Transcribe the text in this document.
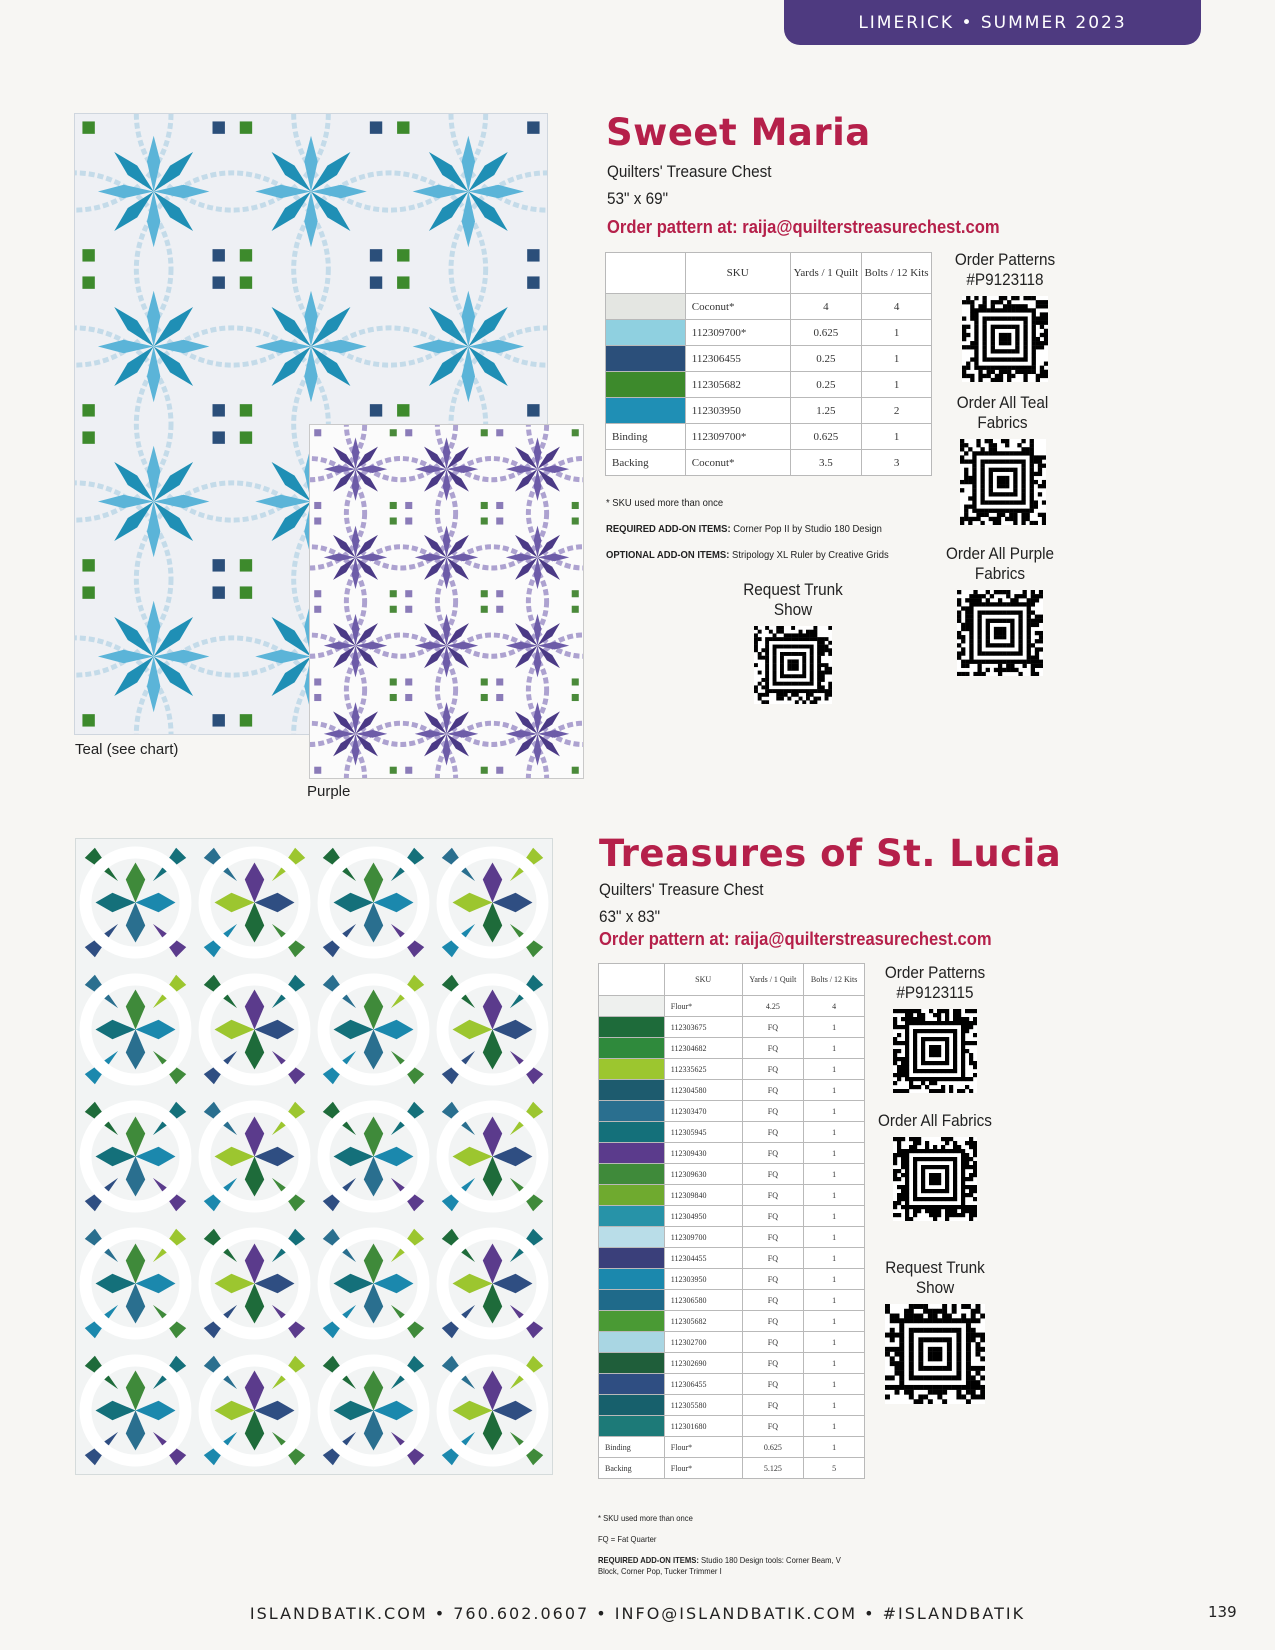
LIMERICK • SUMMER 2023
Teal (see chart)
Purple
Sweet Maria
Quilters' Treasure Chest
53" x 69"
Order pattern at: raija@quilterstreasurechest.com
	SKU	Yards / 1 Quilt	Bolts / 12 Kits
	Coconut*	4	4
	112309700*	0.625	1
	112306455	0.25	1
	112305682	0.25	1
	112303950	1.25	2
Binding	112309700*	0.625	1
Backing	Coconut*	3.5	3
* SKU used more than once
REQUIRED ADD-ON ITEMS: Corner Pop II by Studio 180 Design
OPTIONAL ADD-ON ITEMS: Stripology XL Ruler by Creative Grids
Order Patterns #P9123118
Order All Teal Fabrics
Order All Purple Fabrics
Request Trunk Show
Treasures of St. Lucia
Quilters' Treasure Chest
63" x 83"
Order pattern at: raija@quilterstreasurechest.com
	SKU	Yards / 1 Quilt	Bolts / 12 Kits
	Flour*	4.25	4
	112303675	FQ	1
	112304682	FQ	1
	112335625	FQ	1
	112304580	FQ	1
	112303470	FQ	1
	112305945	FQ	1
	112309430	FQ	1
	112309630	FQ	1
	112309840	FQ	1
	112304950	FQ	1
	112309700	FQ	1
	112304455	FQ	1
	112303950	FQ	1
	112306580	FQ	1
	112305682	FQ	1
	112302700	FQ	1
	112302690	FQ	1
	112306455	FQ	1
	112305580	FQ	1
	112301680	FQ	1
Binding	Flour*	0.625	1
Backing	Flour*	5.125	5
* SKU used more than once
FQ = Fat Quarter
REQUIRED ADD-ON ITEMS: Studio 180 Design tools: Corner Beam, V Block, Corner Pop, Tucker Trimmer I
Order Patterns #P9123115
Order All Fabrics
Request Trunk Show
ISLANDBATIK.COM • 760.602.0607 • INFO@ISLANDBATIK.COM • #ISLANDBATIK	139
